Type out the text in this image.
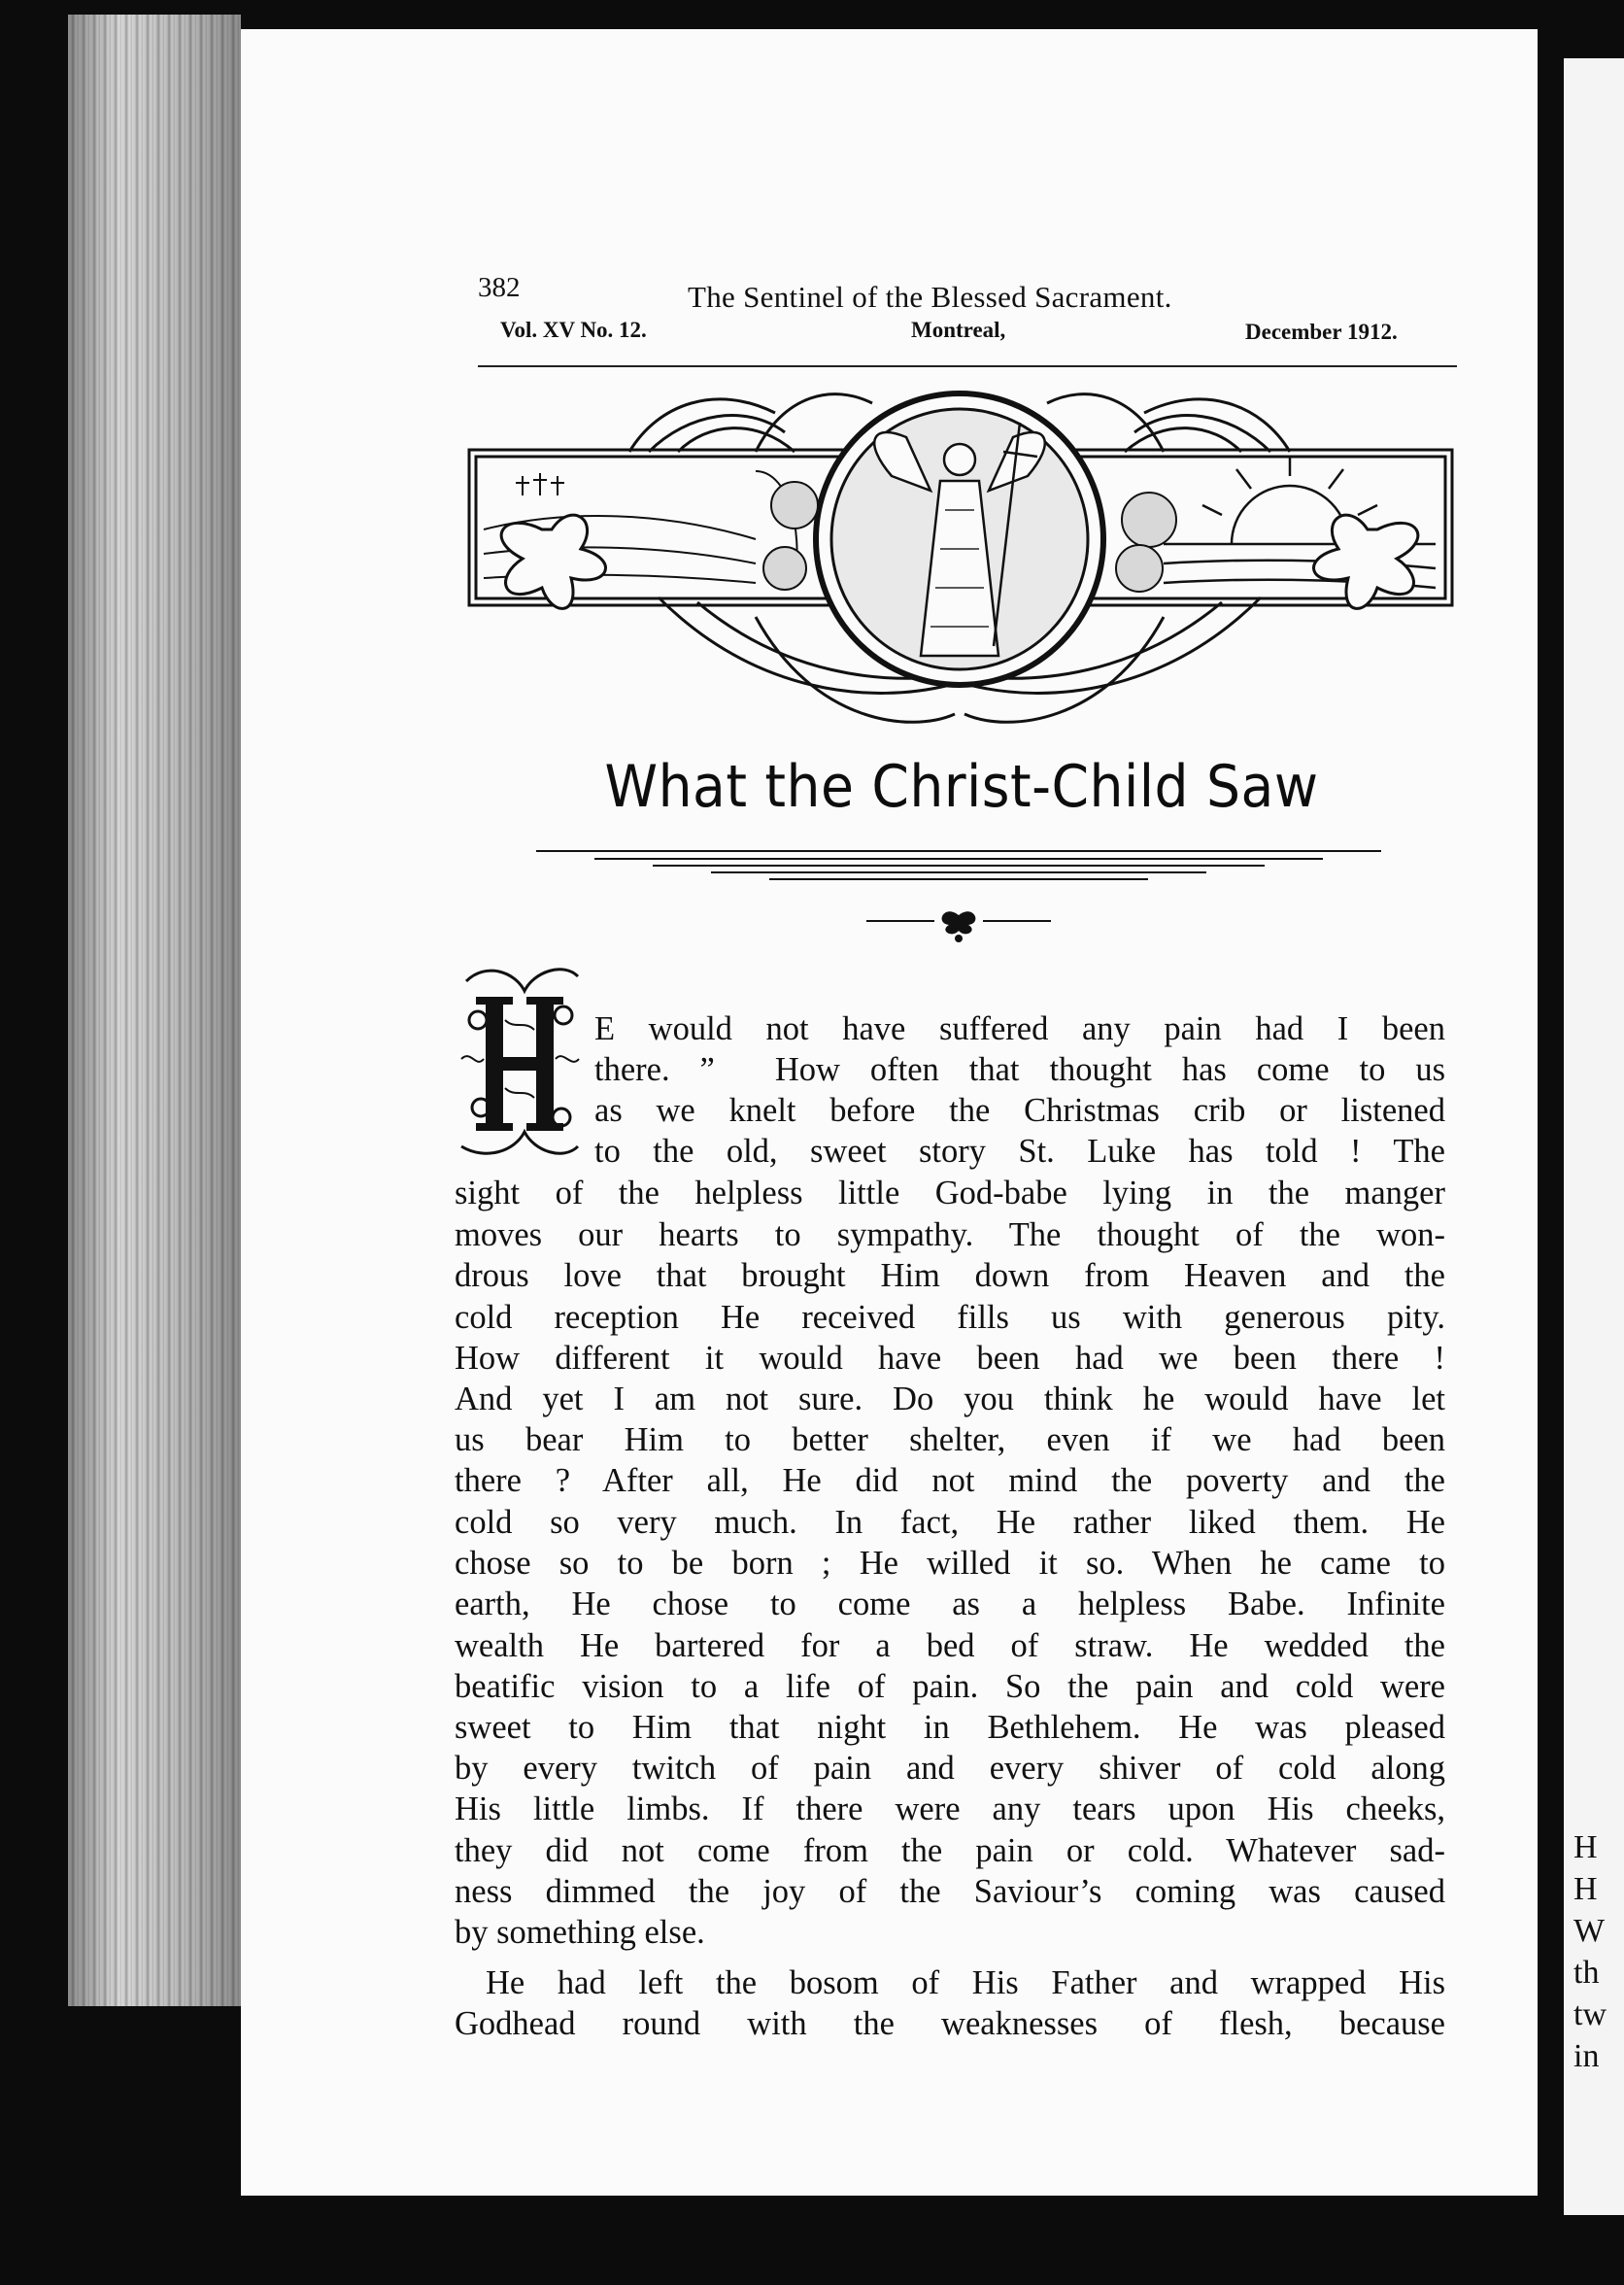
H
H
W
th
tw
in
382	The Sentinel of the Blessed Sacrament.
Vol. XV No. 12.	Montreal,	December 1912.
What the Christ-Child Saw
E would not have suffered any pain had I been
there. ”  How often that thought has come to us
as we knelt before the Christmas crib or listened
to the old, sweet story St. Luke has told ! The
sight of the helpless little God-babe lying in the manger
moves our hearts to sympathy. The thought of the won-
drous love that brought Him down from Heaven and the
cold reception He received fills us with generous pity.
How different it would have been had we been there !
And yet I am not sure. Do you think he would have let
us bear Him to better shelter, even if we had been
there ? After all, He did not mind the poverty and the
cold so very much. In fact, He rather liked them. He
chose so to be born ; He willed it so. When he came to
earth, He chose to come as a helpless Babe. Infinite
wealth He bartered for a bed of straw. He wedded the
beatific vision to a life of pain. So the pain and cold were
sweet to Him that night in Bethlehem. He was pleased
by every twitch of pain and every shiver of cold along
His little limbs. If there were any tears upon His cheeks,
they did not come from the pain or cold. Whatever sad-
ness dimmed the joy of the Saviour’s coming was caused
by something else.
He had left the bosom of His Father and wrapped His
Godhead round with the weaknesses of flesh, because
